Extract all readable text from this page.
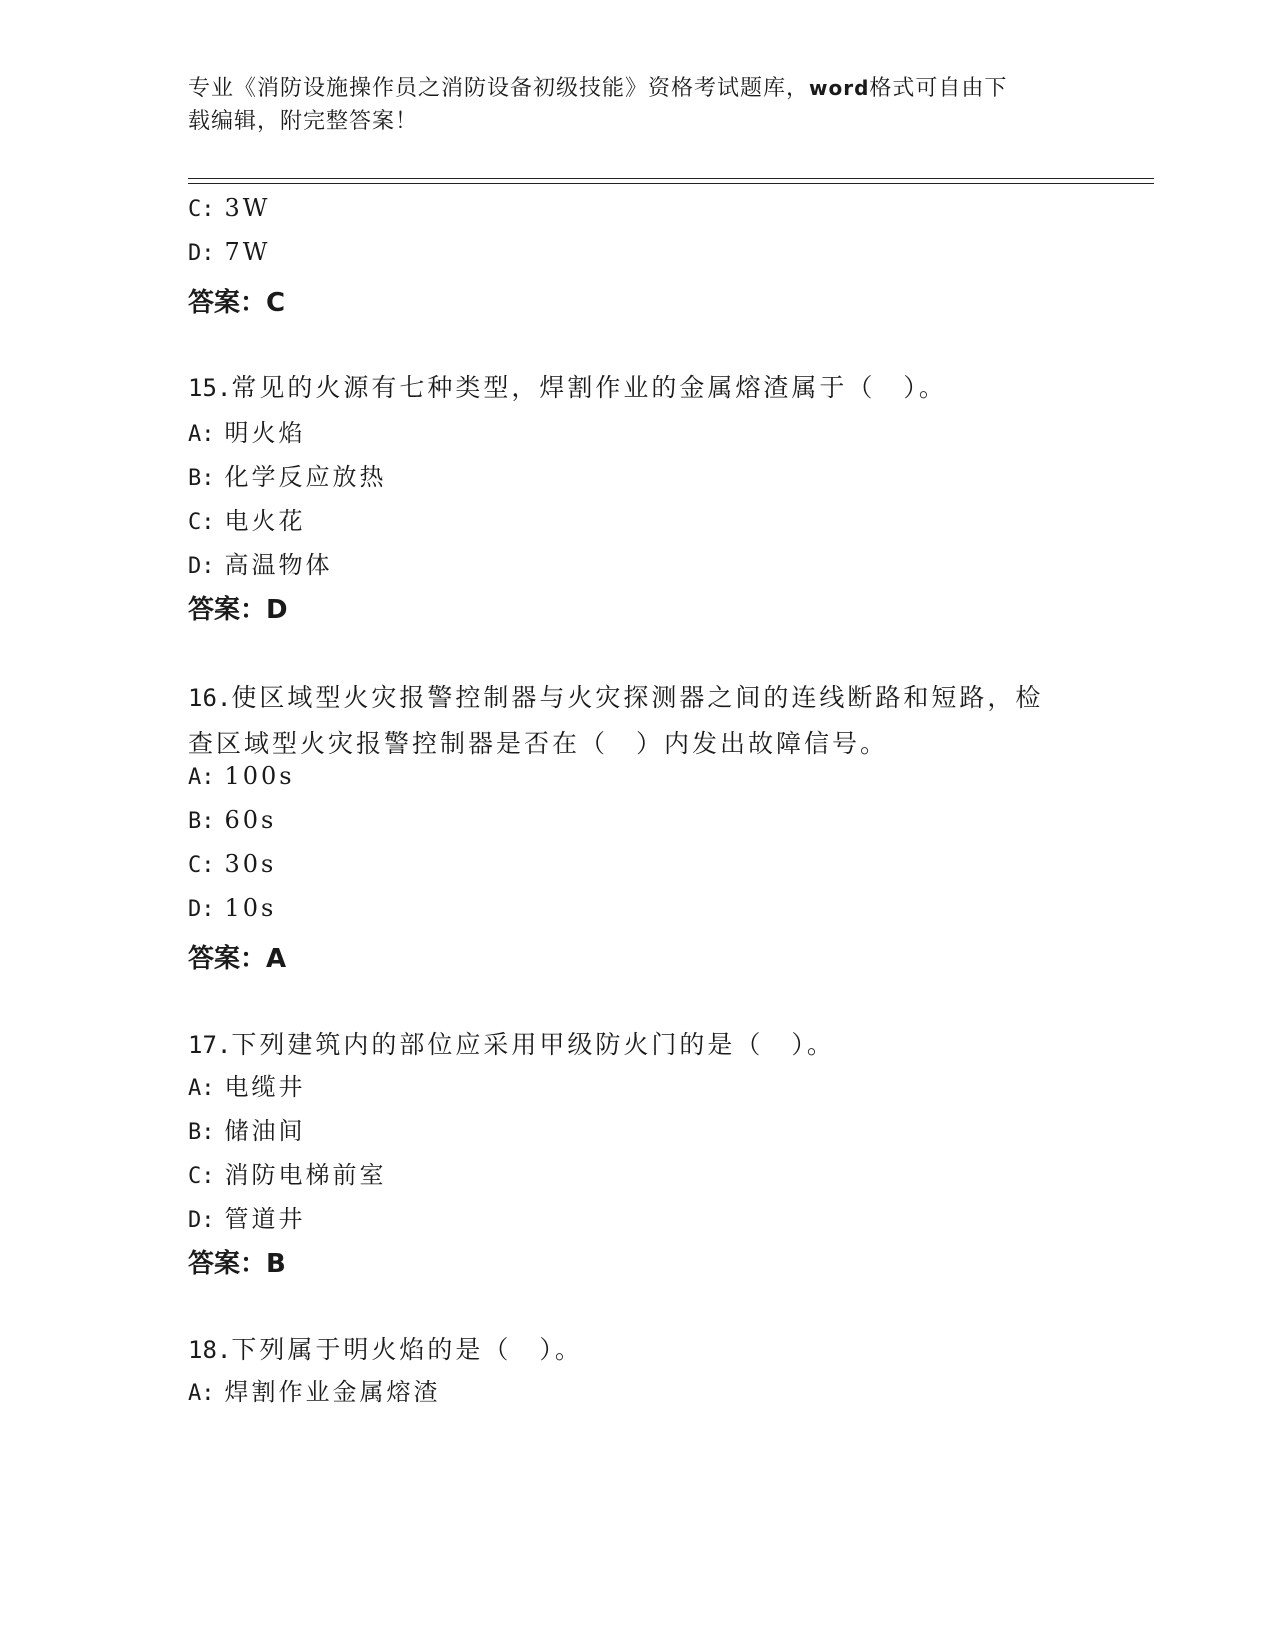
专业《消防设施操作员之消防设备初级技能》资格考试题库，word格式可自由下
载编辑，附完整答案！
C: 3W
D: 7W
答案：C
15.常见的火源有七种类型，焊割作业的金属熔渣属于（　）。
A: 明火焰
B: 化学反应放热
C: 电火花
D: 高温物体
答案：D
16.使区域型火灾报警控制器与火灾探测器之间的连线断路和短路，检
查区域型火灾报警控制器是否在（　）内发出故障信号。
A: 100s
B: 60s
C: 30s
D: 10s
答案：A
17.下列建筑内的部位应采用甲级防火门的是（　）。
A: 电缆井
B: 储油间
C: 消防电梯前室
D: 管道井
答案：B
18.下列属于明火焰的是（　）。
A: 焊割作业金属熔渣
